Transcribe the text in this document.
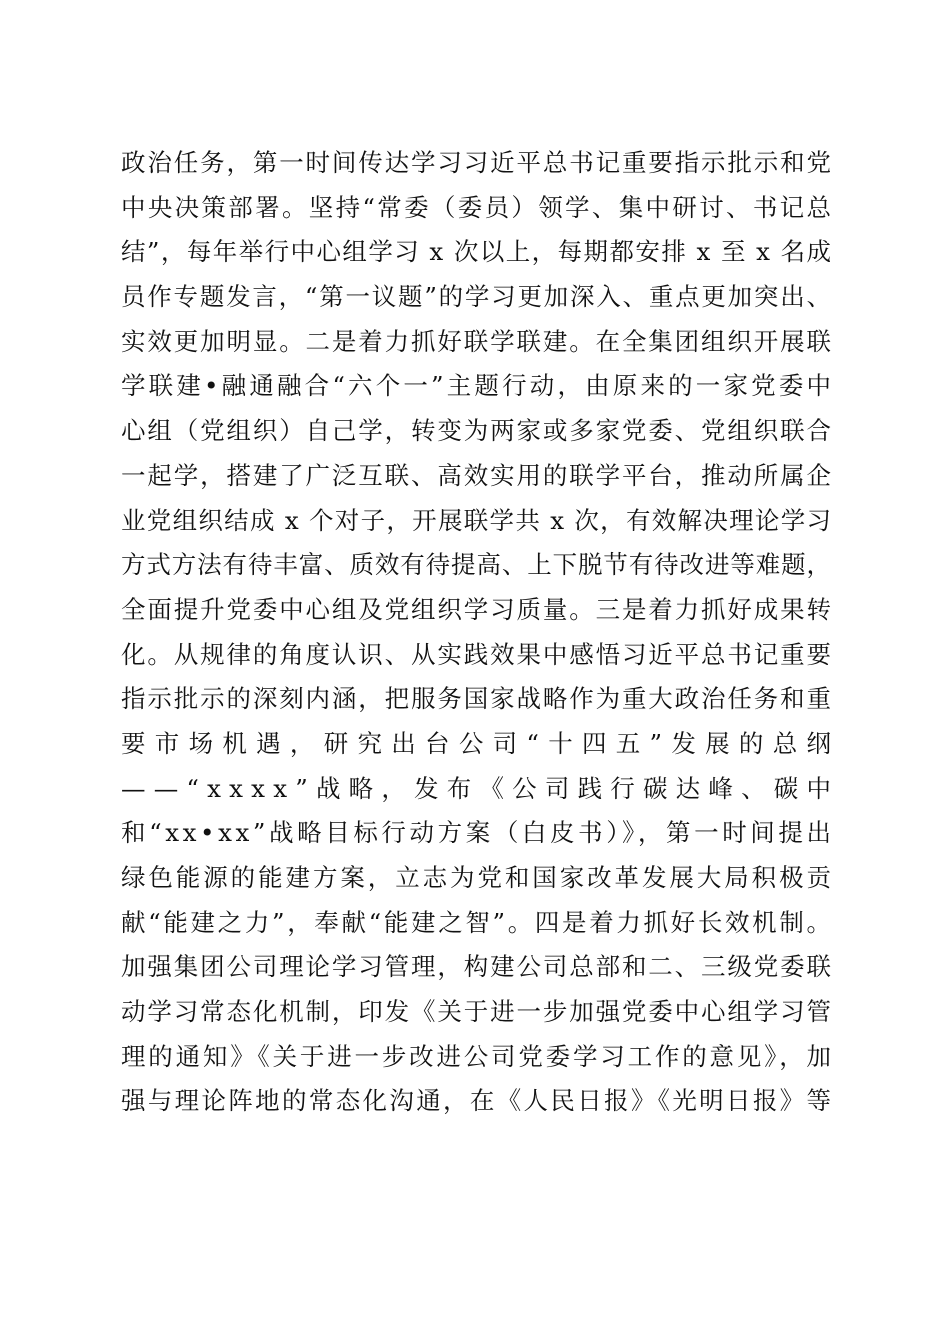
政治任务，第一时间传达学习习近平总书记重要指示批示和党
中央决策部署。坚持“常委（委员）领学、集中研讨、书记总
结”，每年举行中心组学习 x 次以上，每期都安排 x 至 x 名成
员作专题发言，“第一议题”的学习更加深入、重点更加突出、
实效更加明显。二是着力抓好联学联建。在全集团组织开展联
学联建•融通融合“六个一”主题行动，由原来的一家党委中
心组（党组织）自己学，转变为两家或多家党委、党组织联合
一起学，搭建了广泛互联、高效实用的联学平台，推动所属企
业党组织结成 x 个对子，开展联学共 x 次，有效解决理论学习
方式方法有待丰富、质效有待提高、上下脱节有待改进等难题，
全面提升党委中心组及党组织学习质量。三是着力抓好成果转
化。从规律的角度认识、从实践效果中感悟习近平总书记重要
指示批示的深刻内涵，把服务国家战略作为重大政治任务和重
要市场机遇，研究出台公司“十四五”发展的总纲
——“xxxx”战略，发布《公司践行碳达峰、碳中
和“xx•xx”战略目标行动方案（白皮书）》，第一时间提出
绿色能源的能建方案，立志为党和国家改革发展大局积极贡
献“能建之力”，奉献“能建之智”。四是着力抓好长效机制。
加强集团公司理论学习管理，构建公司总部和二、三级党委联
动学习常态化机制，印发《关于进一步加强党委中心组学习管
理的通知》《关于进一步改进公司党委学习工作的意见》，加
强与理论阵地的常态化沟通，在《人民日报》《光明日报》等
